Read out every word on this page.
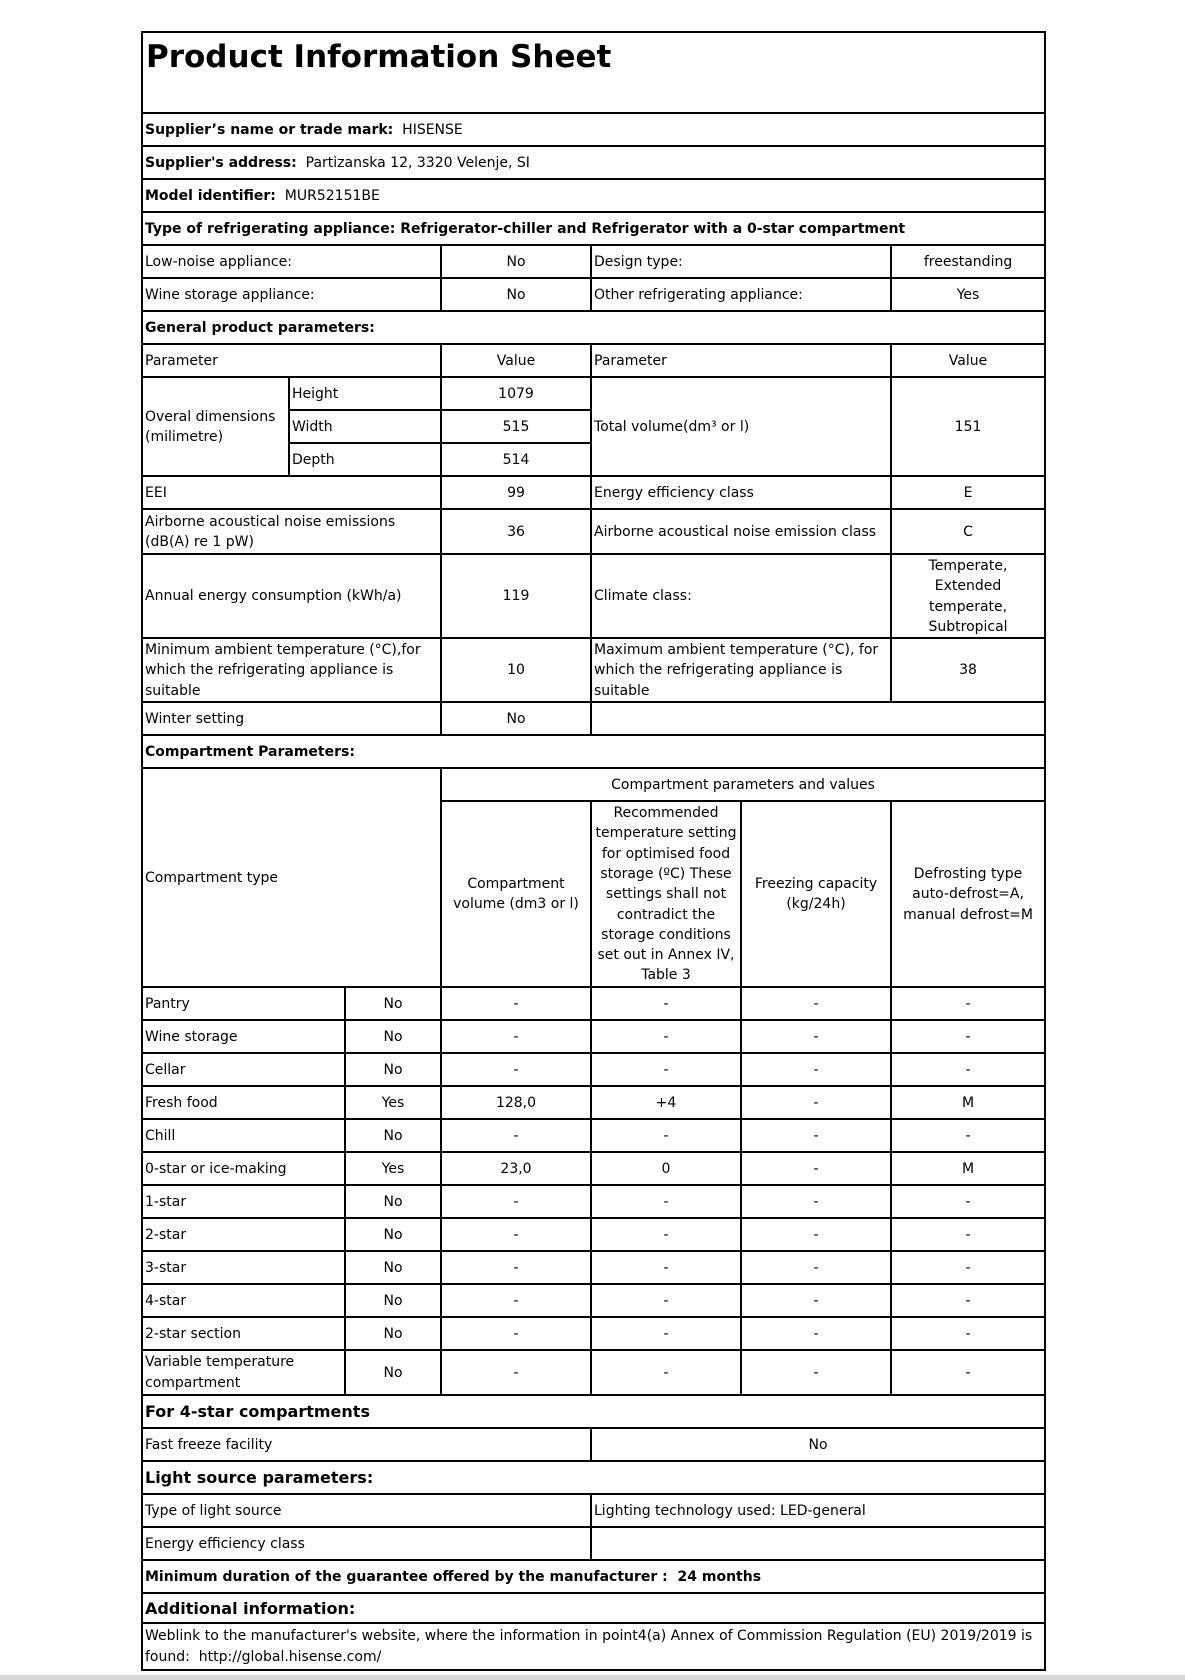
Product Information Sheet						
Supplier’s name or trade mark: HISENSE						
Supplier's address: Partizanska 12, 3320 Velenje, SI						
Model identifier: MUR52151BE						
Type of refrigerating appliance: Refrigerator-chiller and Refrigerator with a 0-star compartment						
Low-noise appliance:			No	Design type:		freestanding
Wine storage appliance:			No	Other refrigerating appliance:		Yes
General product parameters:						
Parameter			Value	Parameter		Value
Overal dimensions (milimetre)	Height		1079	Total volume(dm³ or l)		151
	Width		515			
	Depth		514			
EEI			99	Energy efficiency class		E
Airborne acoustical noise emissions (dB(A) re 1 pW)			36	Airborne acoustical noise emission class		C
Annual energy consumption (kWh/a)			119	Climate class:		Temperate, Extended temperate, Subtropical
Minimum ambient temperature (°C),for which the refrigerating appliance is suitable			10	Maximum ambient temperature (°C), for which the refrigerating appliance is suitable		38
Winter setting			No			
Compartment Parameters:						
Compartment type			Compartment parameters and values			
			Compartment volume (dm3 or l)	Recommended temperature setting for optimised food storage (ºC) These settings shall not contradict the storage conditions set out in Annex IV, Table 3	Freezing capacity (kg/24h)	Defrosting type auto-defrost=A, manual defrost=M
Pantry		No	-	-	-	-
Wine storage		No	-	-	-	-
Cellar		No	-	-	-	-
Fresh food		Yes	128,0	+4	-	M
Chill		No	-	-	-	-
0-star or ice-making		Yes	23,0	0	-	M
1-star		No	-	-	-	-
2-star		No	-	-	-	-
3-star		No	-	-	-	-
4-star		No	-	-	-	-
2-star section		No	-	-	-	-
Variable temperature compartment		No	-	-	-	-
For 4-star compartments						
Fast freeze facility				No		
Light source parameters:						
Type of light source				Lighting technology used: LED-general		
Energy efficiency class						
Minimum duration of the guarantee offered by the manufacturer : 24 months						
Additional information:						
Weblink to the manufacturer's website, where the information in point4(a) Annex of Commission Regulation (EU) 2019/2019 is found: http://global.hisense.com/						
